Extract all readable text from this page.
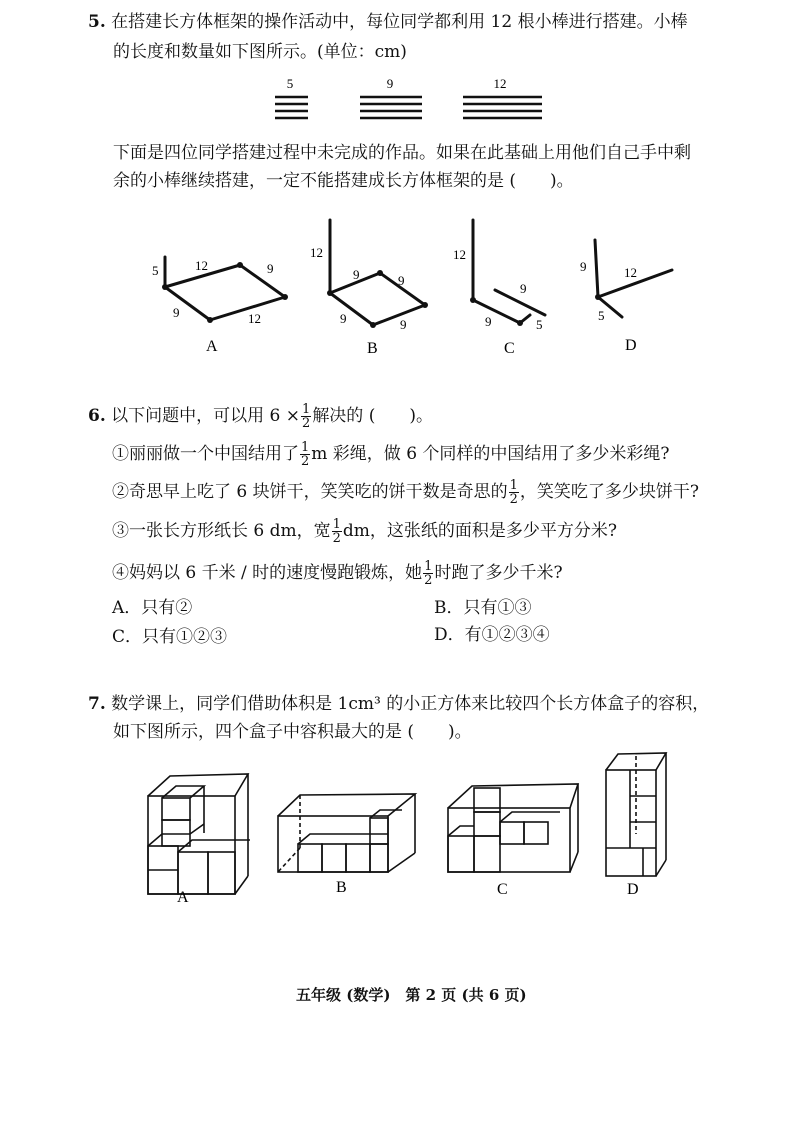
5. 在搭建长方体框架的操作活动中，每位同学都利用 12 根小棒进行搭建。小棒
的长度和数量如下图所示。(单位：cm)
5	9	12
下面是四位同学搭建过程中未完成的作品。如果在此基础上用他们自己手中剩
余的小棒继续搭建，一定不能搭建成长方体框架的是 (　　)。
5	12	9
9	12
A
12
9	9
9	9
B
12
9
9	5
C
9	12
5
D
6. 以下问题中，可以用 $6 \times \frac{1}{2}$ 解决的 (　　)。
①丽丽做一个中国结用了 $\frac{1}{2}$ m 彩绳，做 6 个同样的中国结用了多少米彩绳?
②奇思早上吃了 6 块饼干，笑笑吃的饼干数是奇思的 $\frac{1}{2}$ ，笑笑吃了多少块饼干?
③一张长方形纸长 6 dm，宽 $\frac{1}{2}$ dm，这张纸的面积是多少平方分米?
④妈妈以 6 千米 / 时的速度慢跑锻炼，她 $\frac{1}{2}$ 时跑了多少千米?
A．只有②	B．只有①③
C．只有①②③	D．有①②③④
7. 数学课上，同学们借助体积是 1cm³ 的小正方体来比较四个长方体盒子的容积，
如下图所示，四个盒子中容积最大的是 (　　)。
A
B	C	D
五年级 (数学)　第 2 页 (共 6 页)
